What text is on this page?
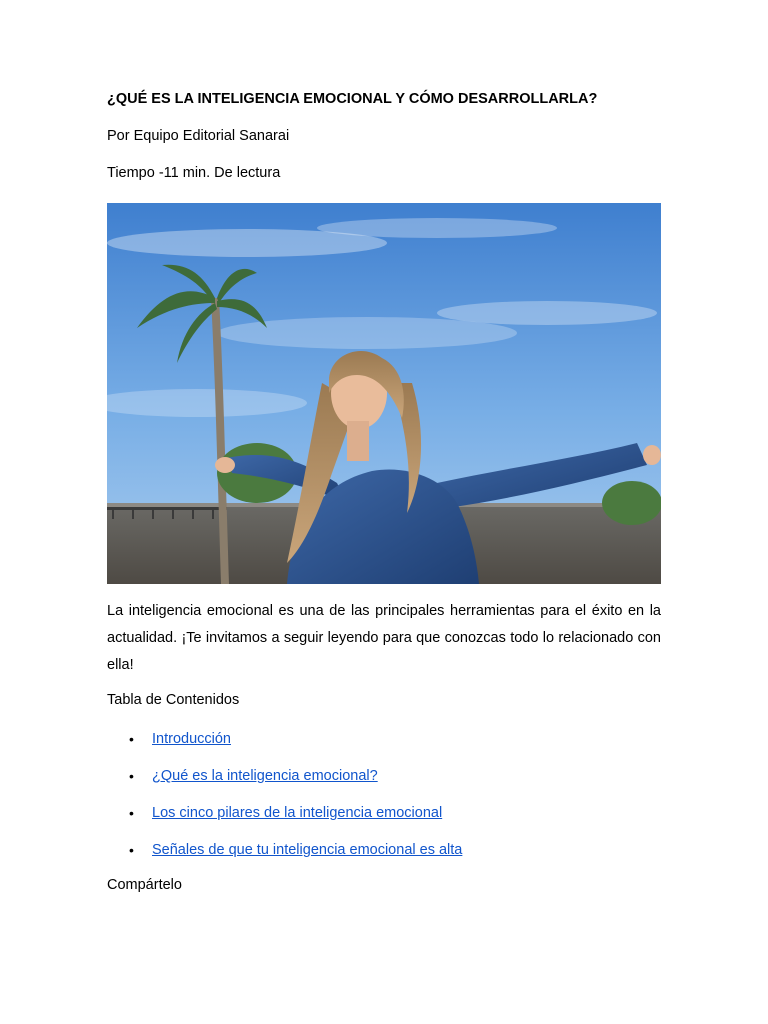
¿QUÉ ES LA INTELIGENCIA EMOCIONAL Y CÓMO DESARROLLARLA?
Por Equipo Editorial Sanarai
Tiempo -11 min. De lectura
La inteligencia emocional es una de las principales herramientas para el éxito en la actualidad. ¡Te invitamos a seguir leyendo para que conozcas todo lo relacionado con ella!
Tabla de Contenidos
• Introducción
• ¿Qué es la inteligencia emocional?
• Los cinco pilares de la inteligencia emocional
• Señales de que tu inteligencia emocional es alta
Compártelo
